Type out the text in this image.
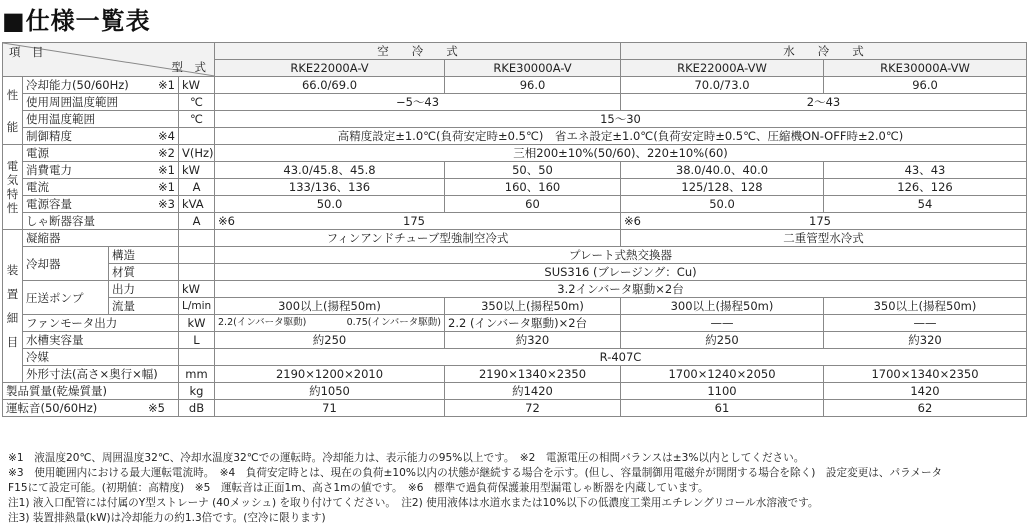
■仕様一覧表
項　目
型　式				空　　冷　　式		水　　冷　　式	
				RKE22000A-V	RKE30000A-V	RKE22000A-VW	RKE30000A-VW

性
能	冷却能力(50/60Hz) ※1		kW	66.0/69.0	96.0	70.0/73.0	96.0
	使用周囲温度範囲		℃	−5〜43		2〜43	
	使用温度範囲		℃	15〜30			

	制御精度 ※4			高精度設定±1.0℃(負荷安定時±0.5℃)　省エネ設定±1.0℃(負荷安定時±0.5℃、圧縮機ON-OFF時±2.0℃)			

電
気
特
性	電源 ※2		V(Hz)	三相200±10%(50/60)、220±10%(60)			

	消費電力 ※1		kW	43.0/45.8、45.8	50、50	38.0/40.0、40.0	43、43

	電流 ※1		A	133/136、136	160、160	125/128、128	126、126

	電源容量 ※3		kVA	50.0	60	50.0	54
	しゃ断器容量		A	※6 175		※6 175	

装
置
細
目	凝縮器			フィンアンドチューブ型強制空冷式		二重管型水冷式	
	冷却器	構造		プレート式熱交換器			
		材質		SUS316 (ブレージング：Cu)			
	圧送ポンプ	出力	kW	3.2インバータ駆動×2台			
		流量	L/min	300以上(揚程50m)	350以上(揚程50m)	300以上(揚程50m)	350以上(揚程50m)
	ファンモータ出力		kW	2.2(インバータ駆動) 0.75(インバータ駆動)	2.2 (インバータ駆動)×2台	——	——
	水槽実容量		L	約250	約320	約250	約320
	冷媒			R-407C			
	外形寸法(高さ×奥行×幅)		mm	2190×1200×2010	2190×1340×2350	1700×1240×2050	1700×1340×2350
製品質量(乾燥質量)			kg	約1050	約1420	1100	1420

運転音(50/60Hz) ※5			dB	71	72	61	62
※1　液温度20℃、周囲温度32℃、冷却水温度32℃での運転時。冷却能力は、表示能力の95%以上です。　※2　電源電圧の相間バランスは±3%以内としてください。
※3　使用範囲内における最大運転電流時。　※4　負荷安定時とは、現在の負荷±10%以内の状態が継続する場合を示す。(但し、容量制御用電磁弁が開閉する場合を除く)　設定変更は、パラメータ
F15にて設定可能。(初期値：高精度)　※5　運転音は正面1m、高さ1mの値です。　※6　標準で過負荷保護兼用型漏電しゃ断器を内蔵しています。
注1) 液入口配管には付属のY型ストレーナ (40メッシュ) を取り付けてください。　注2) 使用液体は水道水または10%以下の低濃度工業用エチレングリコール水溶液です。
注3) 装置排熱量(kW)は冷却能力の約1.3倍です。(空冷に限ります)
